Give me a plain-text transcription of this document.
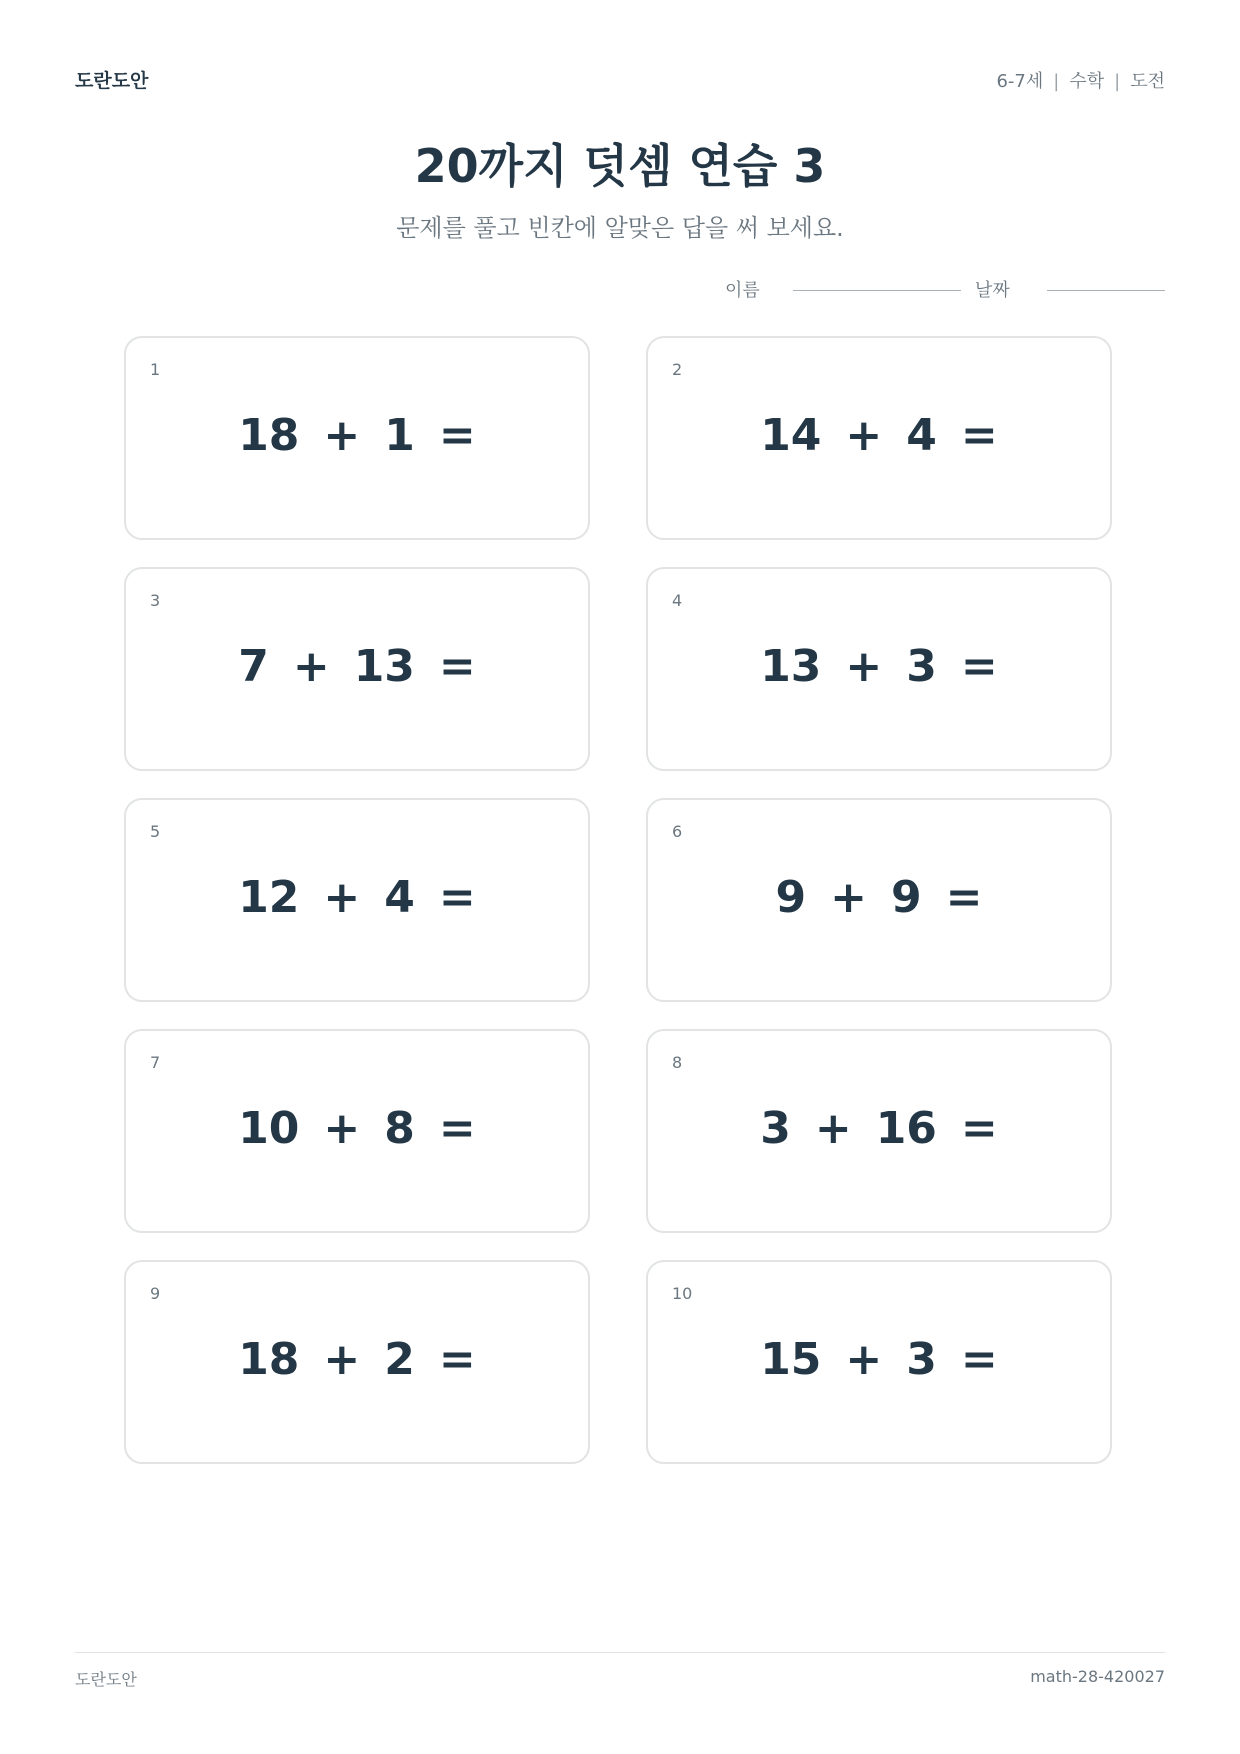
도란도안	6-7세 | 수학 | 도전
20까지 덧셈 연습 3
문제를 풀고 빈칸에 알맞은 답을 써 보세요.
이름	날짜
1
18 + 1 =
2
14 + 4 =
3
7 + 13 =
4
13 + 3 =
5
12 + 4 =
6
9 + 9 =
7
10 + 8 =
8
3 + 16 =
9
18 + 2 =
10
15 + 3 =
도란도안	math-28-420027
